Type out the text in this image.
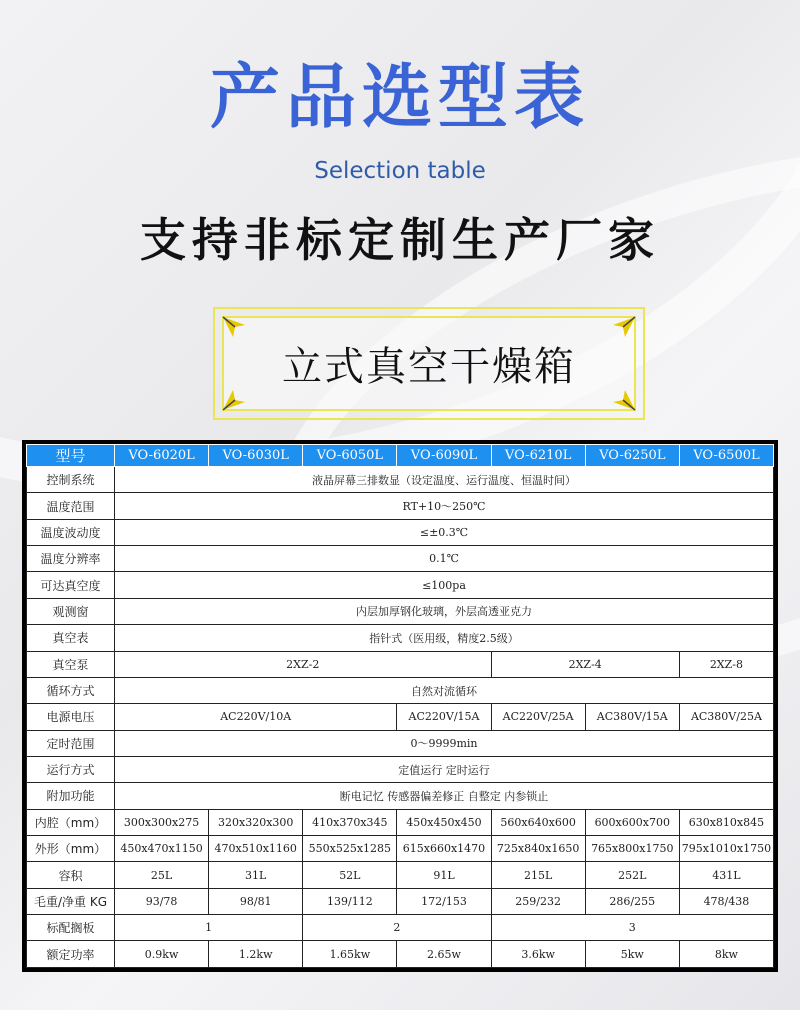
产品选型表
Selection table
支持非标定制生产厂家
立式真空干燥箱
型号	VO-6020L	VO-6030L	VO-6050L	VO-6090L	VO-6210L	VO-6250L	VO-6500L
控制系统	液晶屏幕三排数显（设定温度、运行温度、恒温时间）						
温度范围	RT+10～250℃						
温度波动度	≤±0.3℃						
温度分辨率	0.1℃						
可达真空度	≤100pa						
观测窗	内层加厚钢化玻璃，外层高透亚克力						
真空表	指针式（医用级，精度2.5级）						
真空泵	2XZ-2				2XZ-4		2XZ-8
循环方式	自然对流循环						
电源电压	AC220V/10A			AC220V/15A	AC220V/25A	AC380V/15A	AC380V/25A
定时范围	0～9999min						
运行方式	定值运行 定时运行						
附加功能	断电记忆 传感器偏差修正 自整定 内参锁止						
内腔（mm）	300x300x275	320x320x300	410x370x345	450x450x450	560x640x600	600x600x700	630x810x845
外形（mm）	450x470x1150	470x510x1160	550x525x1285	615x660x1470	725x840x1650	765x800x1750	795x1010x1750
容积	25L	31L	52L	91L	215L	252L	431L
毛重/净重 KG	93/78	98/81	139/112	172/153	259/232	286/255	478/438
标配搁板	1		2		3		
额定功率	0.9kw	1.2kw	1.65kw	2.65w	3.6kw	5kw	8kw
